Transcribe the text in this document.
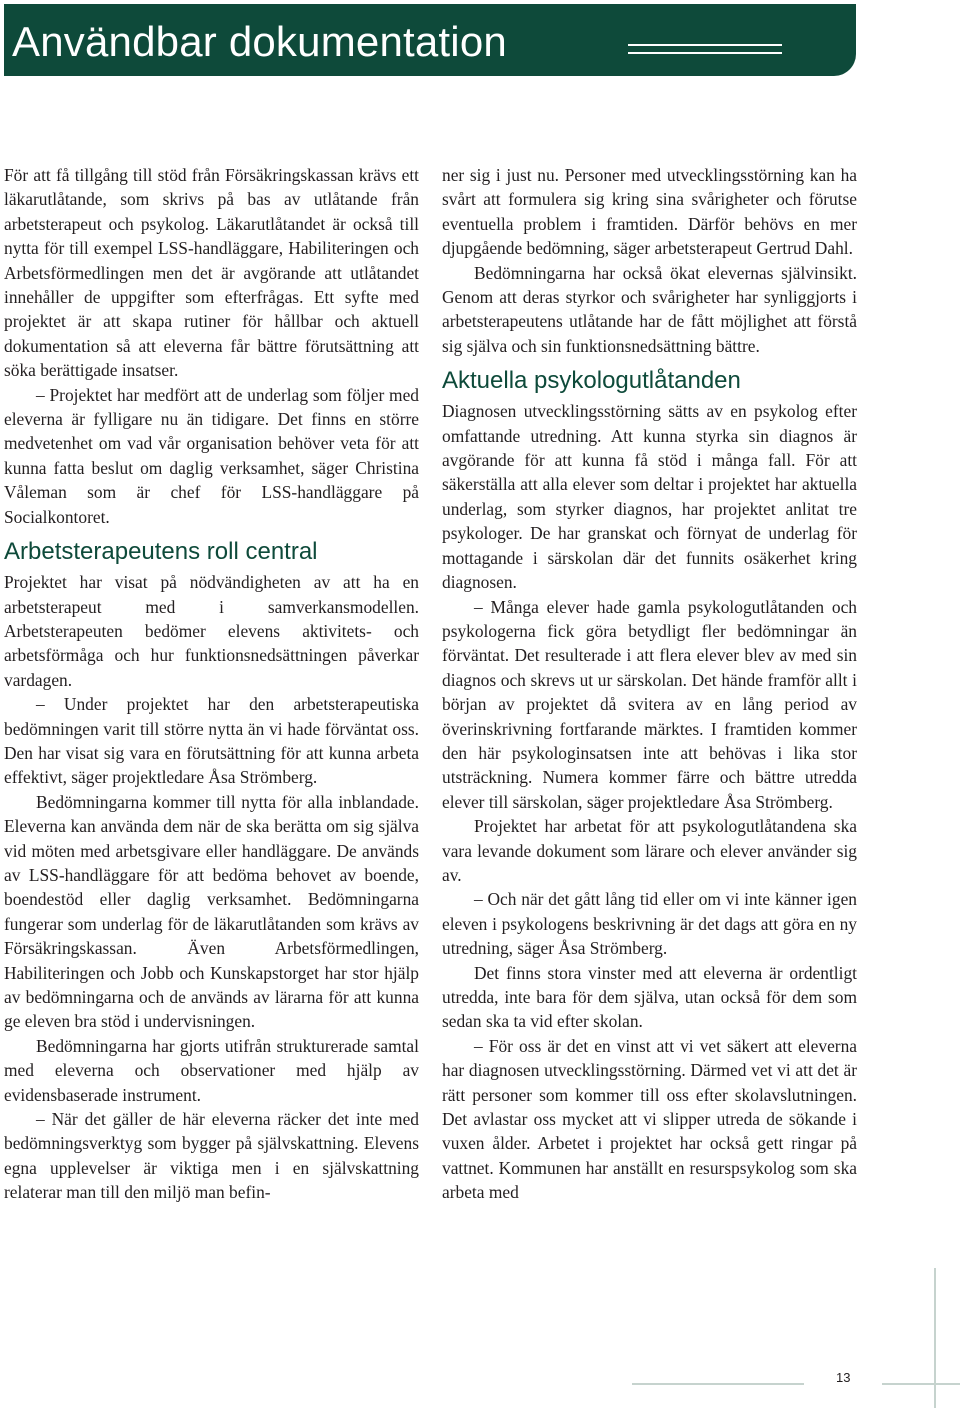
Användbar dokumentation

För att få tillgång till stöd från Försäkringskassan krävs ett läkarutlåtande, som skrivs på bas av utlåtande från arbetsterapeut och psykolog. Läkarutlåtandet är också till nytta för till exempel LSS-handläggare, Habiliteringen och Arbetsförmedlingen men det är avgörande att utlåtandet innehåller de uppgifter som efterfrågas. Ett syfte med projektet är att skapa rutiner för hållbar och aktuell dokumentation så att eleverna får bättre förutsättning att söka berättigade insatser.

– Projektet har medfört att de underlag som följer med eleverna är fylligare nu än tidigare. Det finns en större medvetenhet om vad vår organisation behöver veta för att kunna fatta beslut om daglig verksamhet, säger Christina Våleman som är chef för LSS-handläggare på Socialkontoret.

Arbetsterapeutens roll central

Projektet har visat på nödvändigheten av att ha en arbetsterapeut med i samverkansmodellen. Arbetsterapeuten bedömer elevens aktivitets- och arbetsförmåga och hur funktionsnedsättningen påverkar vardagen.

– Under projektet har den arbetsterapeutiska bedömningen varit till större nytta än vi hade förväntat oss. Den har visat sig vara en förutsättning för att kunna arbeta effektivt, säger projektledare Åsa Strömberg.

Bedömningarna kommer till nytta för alla inblandade. Eleverna kan använda dem när de ska berätta om sig själva vid möten med arbetsgivare eller handläggare. De används av LSS-handläggare för att bedöma behovet av boende, boendestöd eller daglig verksamhet. Bedömningarna fungerar som underlag för de läkarutlåtanden som krävs av Försäkringskassan. Även Arbetsförmedlingen, Habiliteringen och Jobb och Kunskapstorget har stor hjälp av bedömningarna och de används av lärarna för att kunna ge eleven bra stöd i undervisningen.

Bedömningarna har gjorts utifrån strukturerade samtal med eleverna och observationer med hjälp av evidensbaserade instrument.

– När det gäller de här eleverna räcker det inte med bedömningsverktyg som bygger på självskattning. Elevens egna upplevelser är viktiga men i en självskattning relaterar man till den miljö man befin-

ner sig i just nu. Personer med utvecklingsstörning kan ha svårt att formulera sig kring sina svårigheter och förutse eventuella problem i framtiden. Därför behövs en mer djupgående bedömning, säger arbetsterapeut Gertrud Dahl.

Bedömningarna har också ökat elevernas självinsikt. Genom att deras styrkor och svårigheter har synliggjorts i arbetsterapeutens utlåtande har de fått möjlighet att förstå sig själva och sin funktionsnedsättning bättre.

Aktuella psykologutlåtanden

Diagnosen utvecklingsstörning sätts av en psykolog efter omfattande utredning. Att kunna styrka sin diagnos är avgörande för att kunna få stöd i många fall. För att säkerställa att alla elever som deltar i projektet har aktuella underlag, som styrker diagnos, har projektet anlitat tre psykologer. De har granskat och förnyat de underlag för mottagande i särskolan där det funnits osäkerhet kring diagnosen.

– Många elever hade gamla psykologutlåtanden och psykologerna fick göra betydligt fler bedömningar än förväntat. Det resulterade i att flera elever blev av med sin diagnos och skrevs ut ur särskolan. Det hände framför allt i början av projektet då svitera av en lång period av överinskrivning fortfarande märktes. I framtiden kommer den här psykologinsatsen inte att behövas i lika stor utsträckning. Numera kommer färre och bättre utredda elever till särskolan, säger projektledare Åsa Strömberg.

Projektet har arbetat för att psykologutlåtandena ska vara levande dokument som lärare och elever använder sig av.

– Och när det gått lång tid eller om vi inte känner igen eleven i psykologens beskrivning är det dags att göra en ny utredning, säger Åsa Strömberg.

Det finns stora vinster med att eleverna är ordentligt utredda, inte bara för dem själva, utan också för dem som sedan ska ta vid efter skolan.

– För oss är det en vinst att vi vet säkert att eleverna har diagnosen utvecklingsstörning. Därmed vet vi att det är rätt personer som kommer till oss efter skolavslutningen. Det avlastar oss mycket att vi slipper utreda de sökande i vuxen ålder. Arbetet i projektet har också gett ringar på vattnet. Kommunen har anställt en resurspsykolog som ska arbeta med

13
